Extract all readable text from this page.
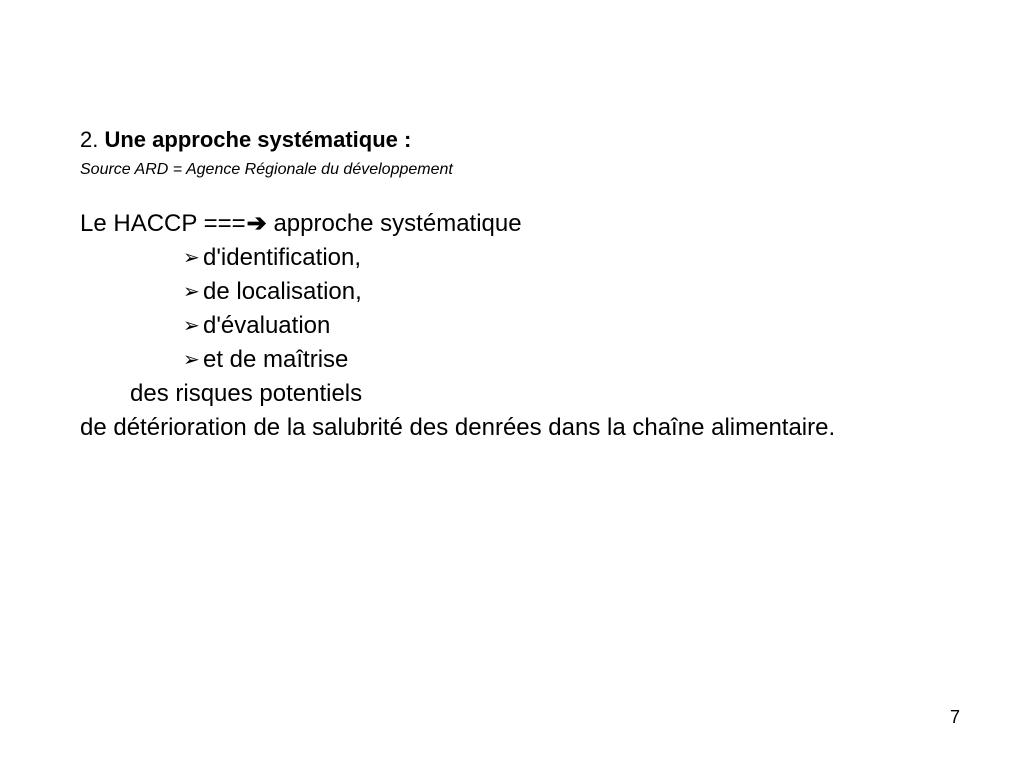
2. Une approche systématique :
Source ARD = Agence Régionale du développement
Le HACCP ===➔ approche systématique
➢ d'identification,
➢ de localisation,
➢ d'évaluation
➢ et de maîtrise
des risques potentiels
de détérioration de la salubrité des denrées dans la chaîne alimentaire.
7
